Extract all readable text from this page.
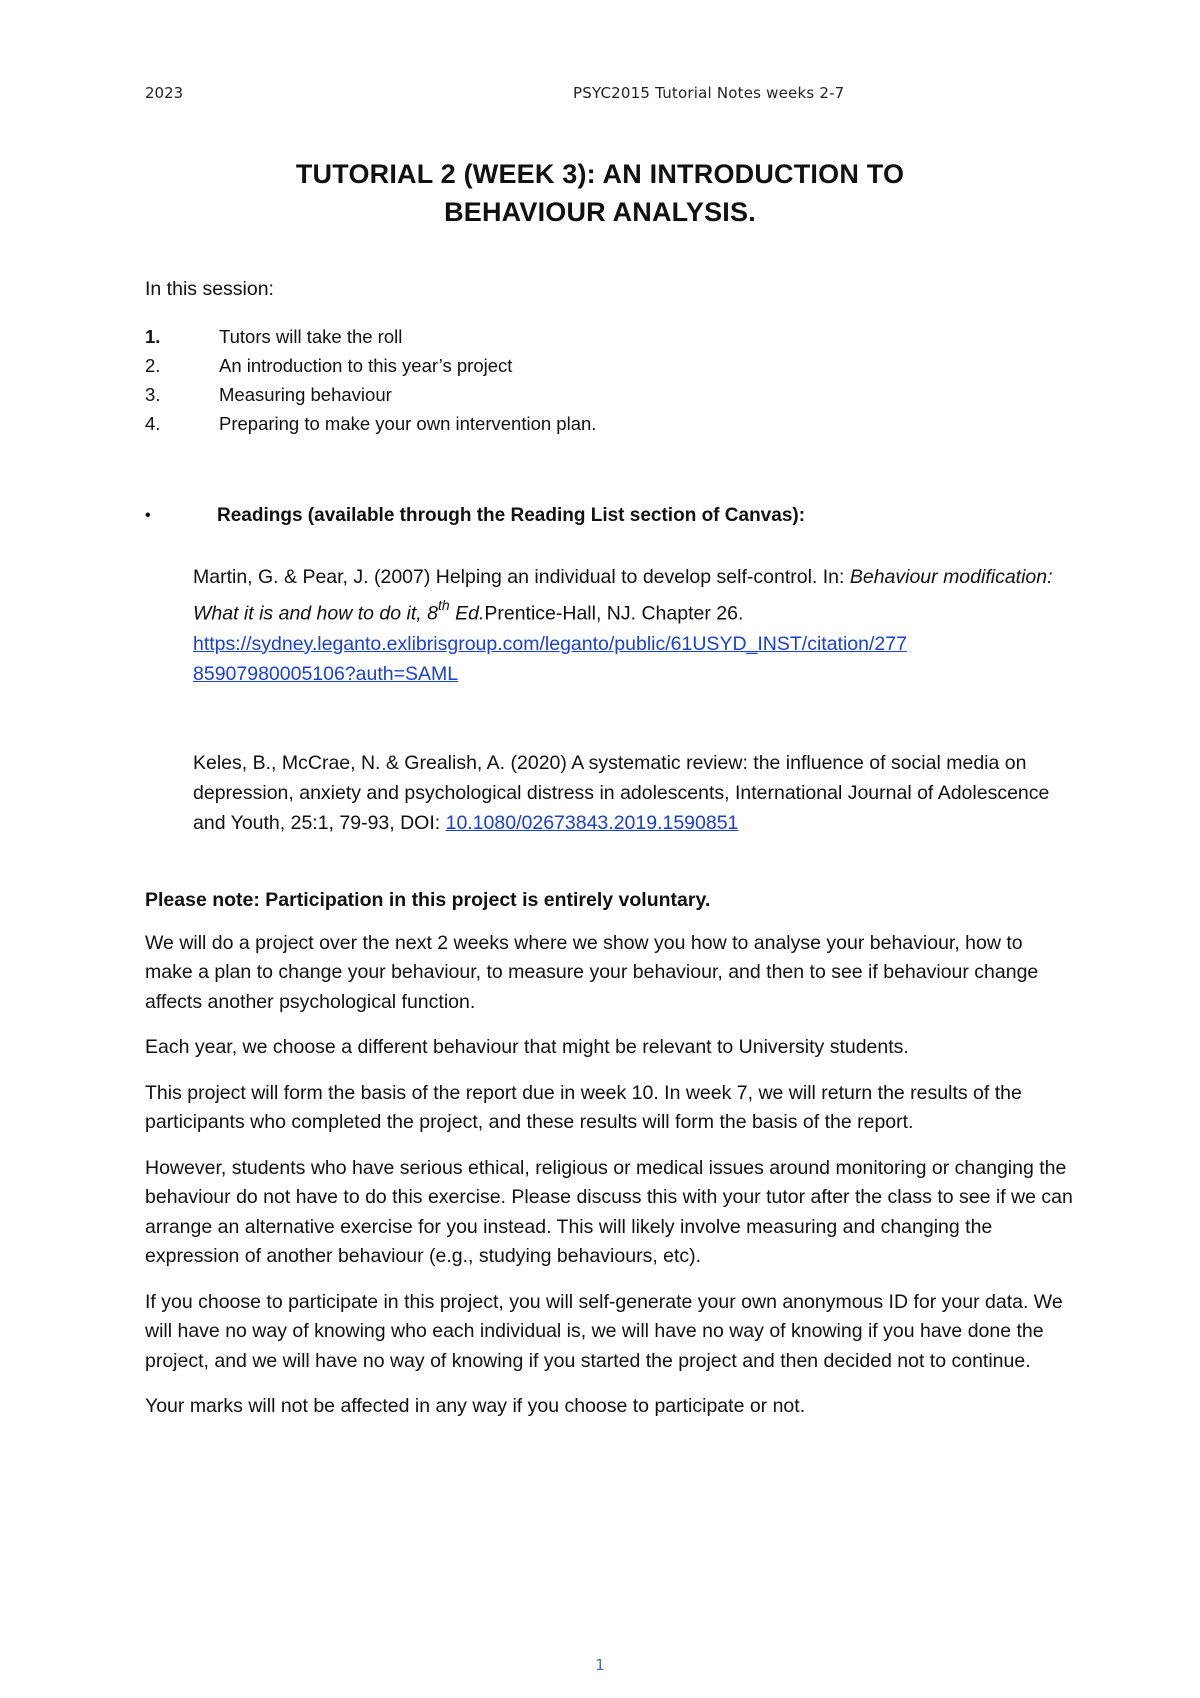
2023	PSYC2015 Tutorial Notes weeks 2-7
TUTORIAL 2 (WEEK 3): AN INTRODUCTION TO
BEHAVIOUR ANALYSIS.
In this session:
1.	Tutors will take the roll
2.	An introduction to this year’s project
3.	Measuring behaviour
4.	Preparing to make your own intervention plan.
•	Readings (available through the Reading List section of Canvas):
Martin, G. & Pear, J. (2007) Helping an individual to develop self-control. In: Behaviour modification: What it is and how to do it, 8th Ed.Prentice-Hall, NJ. Chapter 26.
https://sydney.leganto.exlibrisgroup.com/leganto/public/61USYD_INST/citation/277
85907980005106?auth=SAML
Keles, B., McCrae, N. & Grealish, A. (2020) A systematic review: the influence of social media on depression, anxiety and psychological distress in adolescents, International Journal of Adolescence and Youth, 25:1, 79-93, DOI: 10.1080/02673843.2019.1590851

Please note: Participation in this project is entirely voluntary.

We will do a project over the next 2 weeks where we show you how to analyse your behaviour, how to make a plan to change your behaviour, to measure your behaviour, and then to see if behaviour change affects another psychological function.

Each year, we choose a different behaviour that might be relevant to University students.

This project will form the basis of the report due in week 10. In week 7, we will return the results of the participants who completed the project, and these results will form the basis of the report.

However, students who have serious ethical, religious or medical issues around monitoring or changing the behaviour do not have to do this exercise. Please discuss this with your tutor after the class to see if we can arrange an alternative exercise for you instead. This will likely involve measuring and changing the expression of another behaviour (e.g., studying behaviours, etc).

If you choose to participate in this project, you will self-generate your own anonymous ID for your data. We will have no way of knowing who each individual is, we will have no way of knowing if you have done the project, and we will have no way of knowing if you started the project and then decided not to continue.

Your marks will not be affected in any way if you choose to participate or not.

1
